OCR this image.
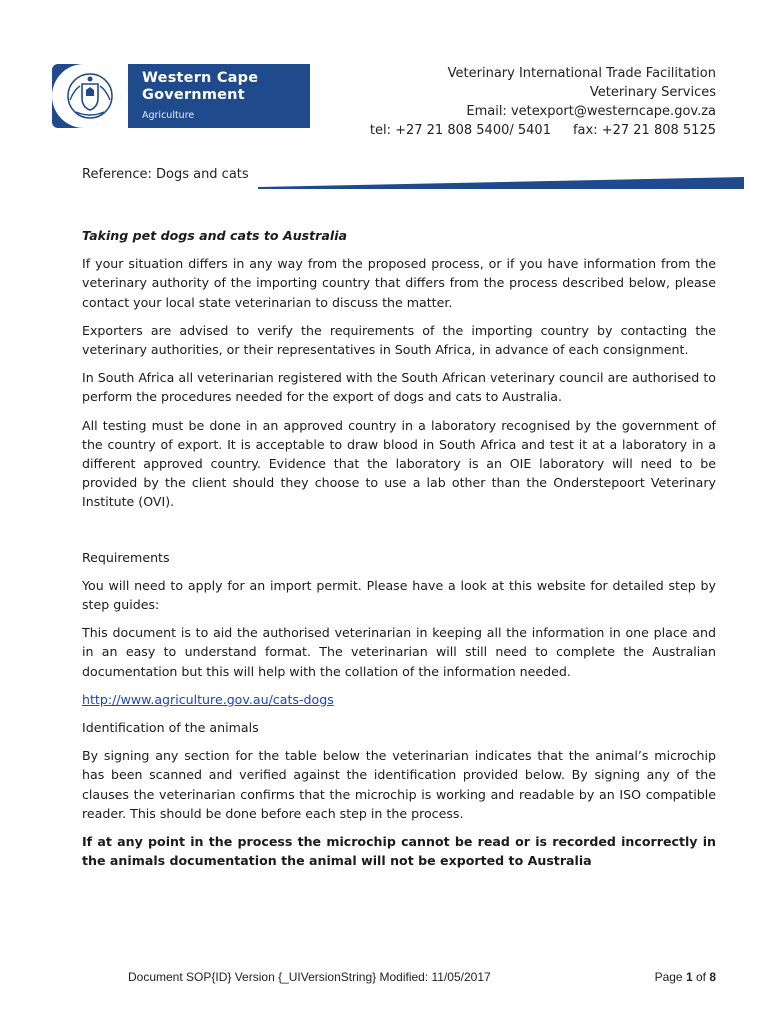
Western Cape
Government
Agriculture
Veterinary International Trade Facilitation
Veterinary Services
Email: vetexport@westerncape.gov.za
tel: +27 21 808 5400/ 5401 fax: +27 21 808 5125
Reference: Dogs and cats

Taking pet dogs and cats to Australia

If your situation differs in any way from the proposed process, or if you have information from the veterinary authority of the importing country that differs from the process described below, please contact your local state veterinarian to discuss the matter.

Exporters are advised to verify the requirements of the importing country by contacting the veterinary authorities, or their representatives in South Africa, in advance of each consignment.

In South Africa all veterinarian registered with the South African veterinary council are authorised to perform the procedures needed for the export of dogs and cats to Australia.

All testing must be done in an approved country in a laboratory recognised by the government of the country of export. It is acceptable to draw blood in South Africa and test it at a laboratory in a different approved country. Evidence that the laboratory is an OIE laboratory will need to be provided by the client should they choose to use a lab other than the Onderstepoort Veterinary Institute (OVI).

Requirements

You will need to apply for an import permit. Please have a look at this website for detailed step by step guides:

This document is to aid the authorised veterinarian in keeping all the information in one place and in an easy to understand format. The veterinarian will still need to complete the Australian documentation but this will help with the collation of the information needed.

http://www.agriculture.gov.au/cats-dogs

Identification of the animals

By signing any section for the table below the veterinarian indicates that the animal’s microchip has been scanned and verified against the identification provided below. By signing any of the clauses the veterinarian confirms that the microchip is working and readable by an ISO compatible reader. This should be done before each step in the process.

If at any point in the process the microchip cannot be read or is recorded incorrectly in the animals documentation the animal will not be exported to Australia

Document SOP{ID} Version {_UIVersionString} Modified: 11/05/2017	Page 1 of 8
